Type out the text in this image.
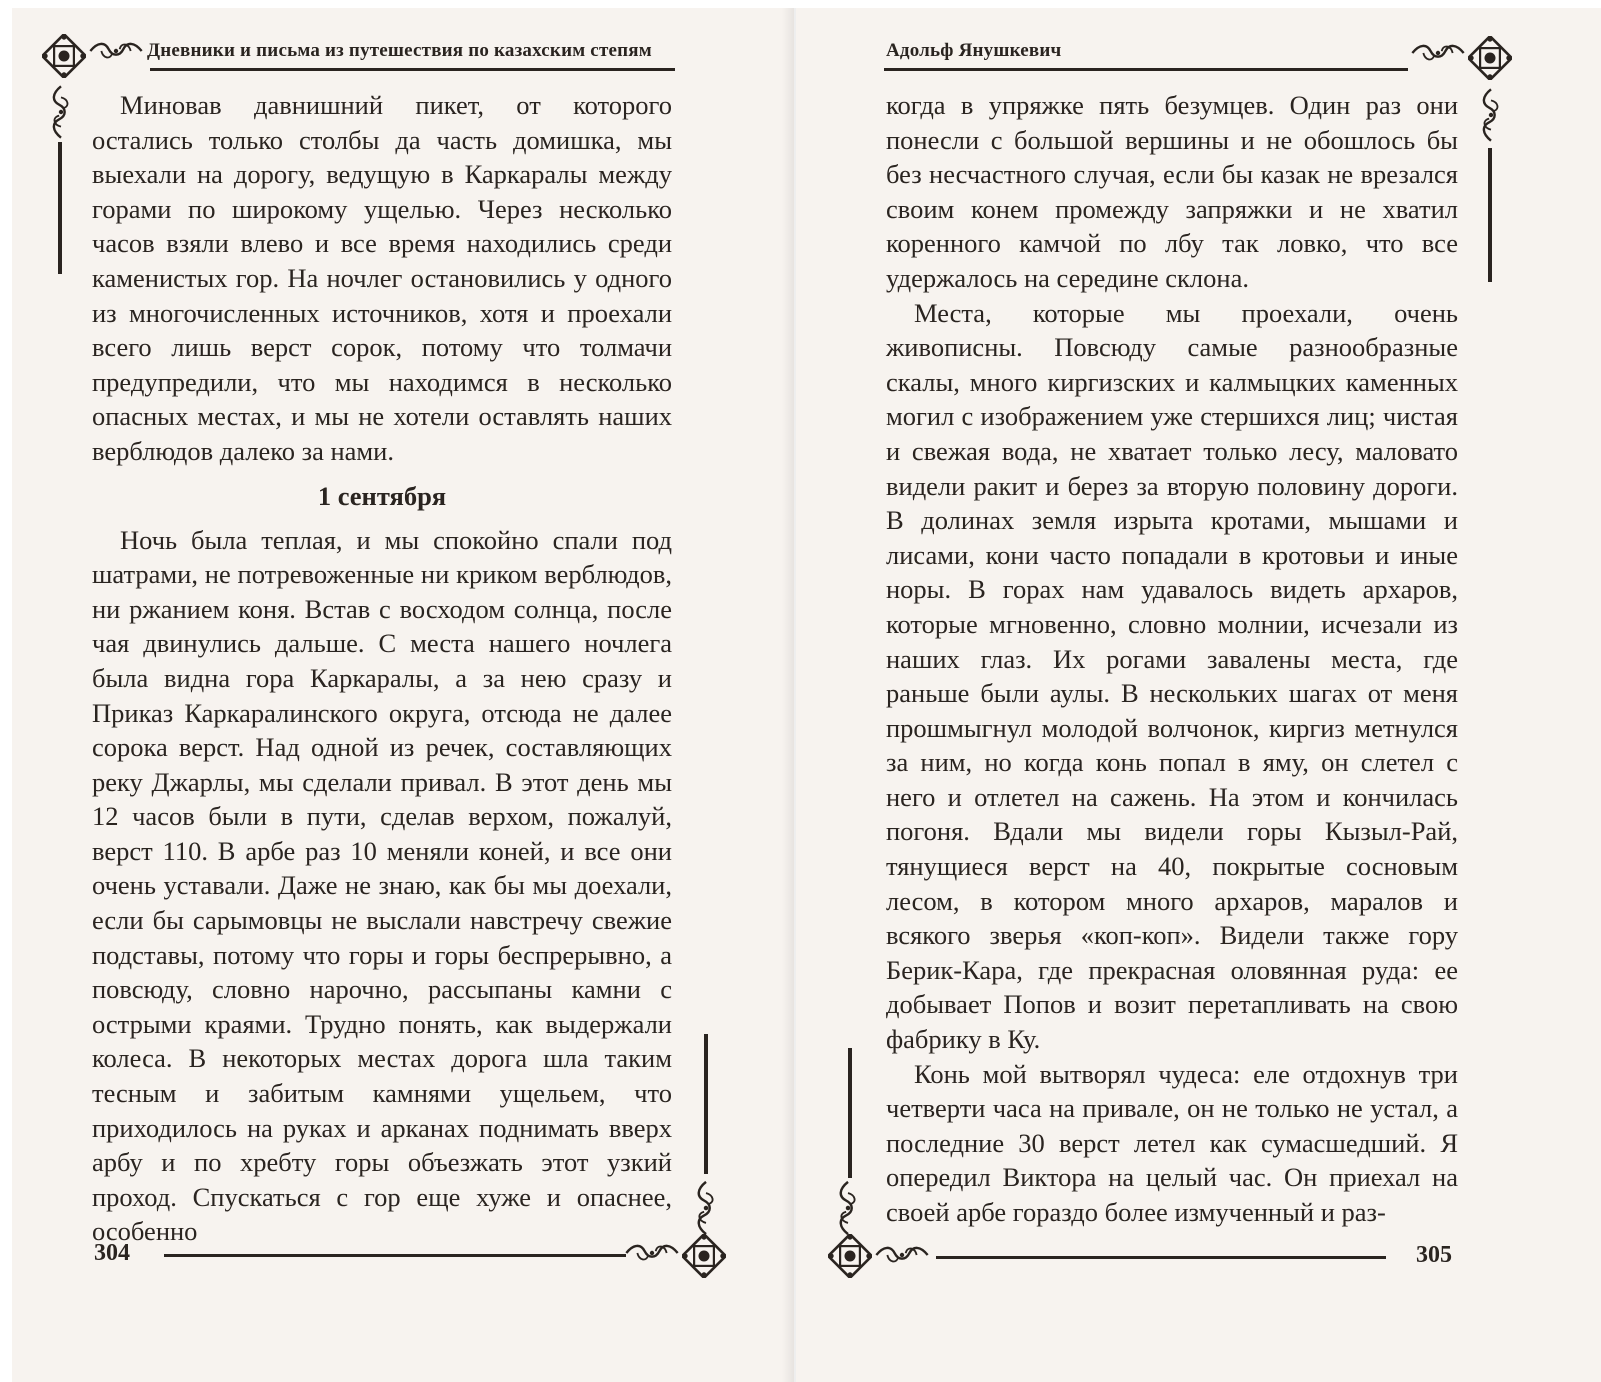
Дневники и письма из путешествия по казахским степям

Миновав давнишний пикет, от которого остались только столбы да часть домишка, мы выехали на дорогу, ведущую в Каркаралы между горами по широкому ущелью. Через несколько часов взяли влево и все время находились среди каменистых гор. На ночлег остановились у одного из многочисленных источников, хотя и проехали всего лишь верст сорок, потому что толмачи предупредили, что мы находимся в несколько опасных местах, и мы не хотели оставлять наших верблюдов далеко за нами.

1 сентября

Ночь была теплая, и мы спокойно спали под шатрами, не потревоженные ни криком верблюдов, ни ржанием коня. Встав с восходом солнца, после чая двинулись дальше. С места нашего ночлега была видна гора Каркаралы, а за нею сразу и Приказ Каркаралинского округа, отсюда не далее сорока верст. Над одной из речек, составляющих реку Джарлы, мы сделали привал. В этот день мы 12 часов были в пути, сделав верхом, пожалуй, верст 110. В арбе раз 10 меняли коней, и все они очень уставали. Даже не знаю, как бы мы доехали, если бы сарымовцы не выслали навстречу свежие подставы, потому что горы и горы беспрерывно, а повсюду, словно нарочно, рассыпаны камни с острыми краями. Трудно понять, как выдержали колеса. В некоторых местах дорога шла таким тесным и забитым камнями ущельем, что приходилось на руках и арканах поднимать вверх арбу и по хребту горы объезжать этот узкий проход. Спускаться с гор еще хуже и опаснее, особенно

304
Адольф Янушкевич

когда в упряжке пять безумцев. Один раз они понесли с большой вершины и не обошлось бы без несчастного случая, если бы казак не врезался своим конем промежду запряжки и не хватил коренного камчой по лбу так ловко, что все удержалось на середине склона.

Места, которые мы проехали, очень живописны. Повсюду самые разнообразные скалы, много киргизских и калмыцких каменных могил с изображением уже стершихся лиц; чистая и свежая вода, не хватает только лесу, маловато видели ракит и берез за вторую половину дороги. В долинах земля изрыта кротами, мышами и лисами, кони часто попадали в кротовьи и иные норы. В горах нам удавалось видеть архаров, которые мгновенно, словно молнии, исчезали из наших глаз. Их рогами завалены места, где раньше были аулы. В нескольких шагах от меня прошмыгнул молодой волчонок, киргиз метнулся за ним, но когда конь попал в яму, он слетел с него и отлетел на сажень. На этом и кончилась погоня. Вдали мы видели горы Кызыл-Рай, тянущиеся верст на 40, покрытые сосновым лесом, в котором много архаров, маралов и всякого зверья «коп-коп». Видели также гору Берик-Кара, где прекрасная оловянная руда: ее добывает Попов и возит перетапливать на свою фабрику в Ку.

Конь мой вытворял чудеса: еле отдохнув три четверти часа на привале, он не только не устал, а последние 30 верст летел как сумасшедший. Я опередил Виктора на целый час. Он приехал на своей арбе гораздо более измученный и раз-

305
